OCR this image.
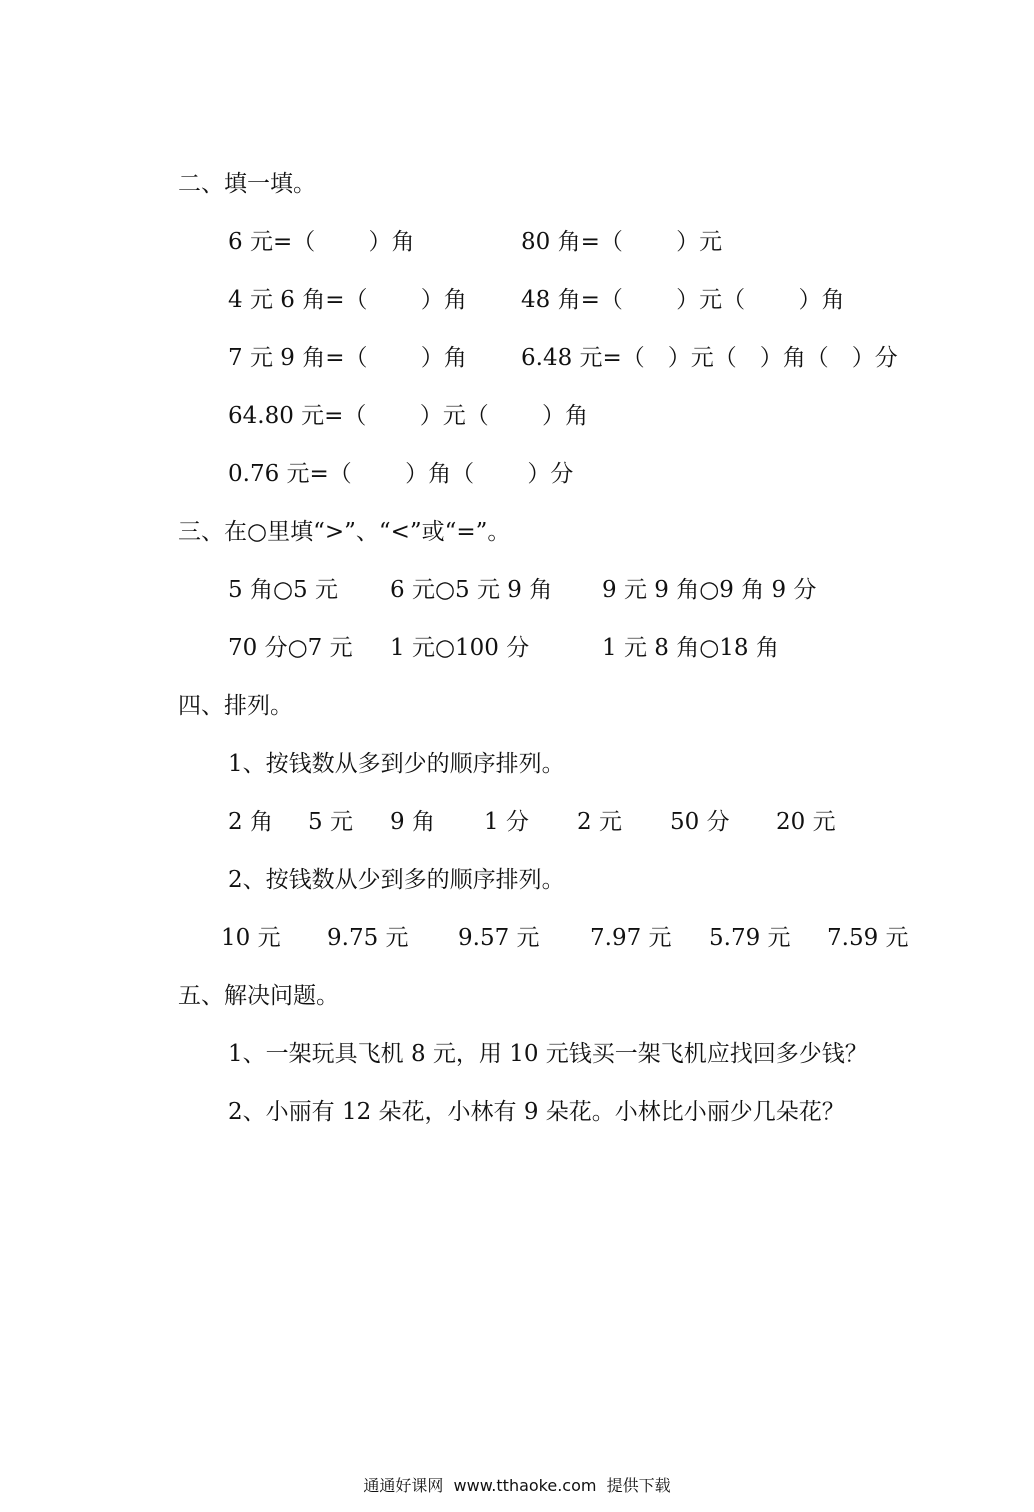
二、填一填。
6 元=（　　 ）角	80 角=（　　 ）元
4 元 6 角=（　　 ）角 48 角=（　　 ）元（　　 ）角
7 元 9 角=（　　 ）角 6.48 元=（　）元（　）角（　）分
64.80 元=（　　 ）元（　　 ）角
0.76 元=（　　 ）角（　　 ）分
三、在○里填“>”、“<”或“=”。
5 角○5 元 6 元○5 元 9 角 9 元 9 角○9 角 9 分
70 分○7 元 1 元○100 分	1 元 8 角○18 角
四、排列。
1、按钱数从多到少的顺序排列。
2 角 5 元 9 角 1 分 2 元 50 分 20 元
2、按钱数从少到多的顺序排列。
10 元 9.75 元 9.57 元 7.97 元 5.79 元 7.59 元
五、解决问题。
1、一架玩具飞机 8 元，用 10 元钱买一架飞机应找回多少钱？
2、小丽有 12 朵花，小林有 9 朵花。小林比小丽少几朵花？
通通好课网  www.tthaoke.com  提供下载
